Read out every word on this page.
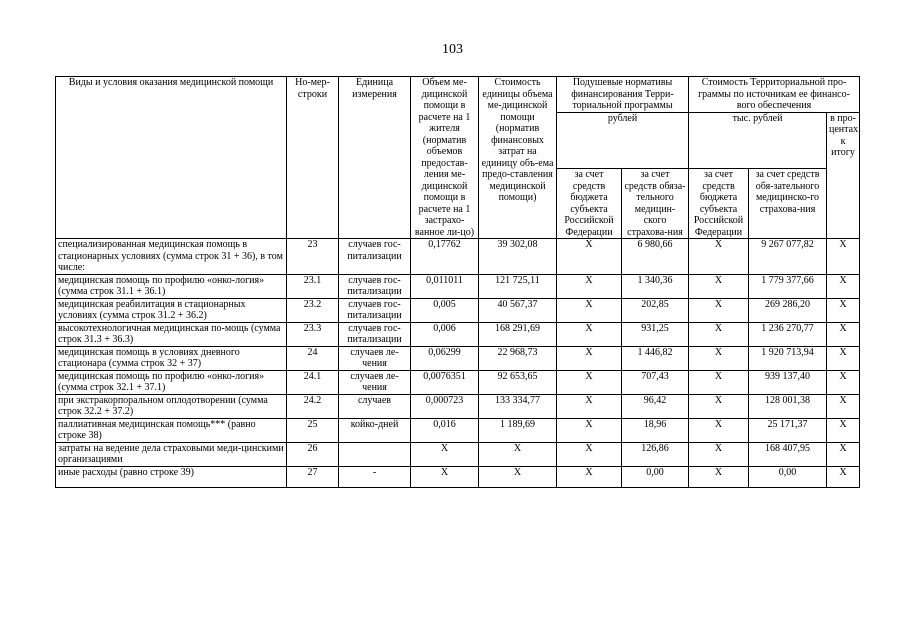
103
Виды и условия оказания медицинской помощи	Но-мер-строки	Единица измерения	Объем ме-дицинской помощи в расчете на 1 жителя (норматив объемов предостав-ления ме-дицинской помощи в расчете на 1 застрахо-ванное ли-цо)	Стоимость единицы объема ме-дицинской помощи (норматив финансовых затрат на единицу объ-ема предо-ставления медицинской помощи)	Подушевые нормативы финансирования Терри-ториальной программы		Стоимость Территориальной про-граммы по источникам ее финансо-вого обеспечения		
					рублей		тыс. рублей		в про-центах к итогу
					за счет средств бюджета субъекта Российской Федерации	за счет средств обяза-тельного медицин-ского страхова-ния	за счет средств бюджета субъекта Российской Федерации	за счет средств обя-зательного медицинско-го страхова-ния	
специализированная медицинская помощь в стационарных условиях (сумма строк 31 + 36), в том числе:	23	случаев гос-питализации	0,17762	39 302,08	X	6 980,66	X	9 267 077,82	X
медицинская помощь по профилю «онко-логия» (сумма строк 31.1 + 36.1)	23.1	случаев гос-питализации	0,011011	121 725,11	X	1 340,36	X	1 779 377,66	X
медицинская реабилитация в стационарных условиях (сумма строк 31.2 + 36.2)	23.2	случаев гос-питализации	0,005	40 567,37	X	202,85	X	269 286,20	X
высокотехнологичная медицинская по-мощь (сумма строк 31.3 + 36.3)	23.3	случаев гос-питализации	0,006	168 291,69	X	931,25	X	1 236 270,77	X
медицинская помощь в условиях дневного стационара (сумма строк 32 + 37)	24	случаев ле-чения	0,06299	22 968,73	X	1 446,82	X	1 920 713,94	X
медицинская помощь по профилю «онко-логия» (сумма строк 32.1 + 37.1)	24.1	случаев ле-чения	0,0076351	92 653,65	X	707,43	X	939 137,40	X
при экстракорпоральном оплодотворении (сумма строк 32.2 + 37.2)	24.2	случаев	0,000723	133 334,77	X	96,42	X	128 001,38	X
паллиативная медицинская помощь*** (равно строке 38)	25	койко-дней	0,016	1 189,69	X	18,96	X	25 171,37	X
затраты на ведение дела страховыми меди-цинскими организациями	26		X	X	X	126,86	X	168 407,95	X
иные расходы (равно строке 39)	27	-	X	X	X	0,00	X	0,00	X
